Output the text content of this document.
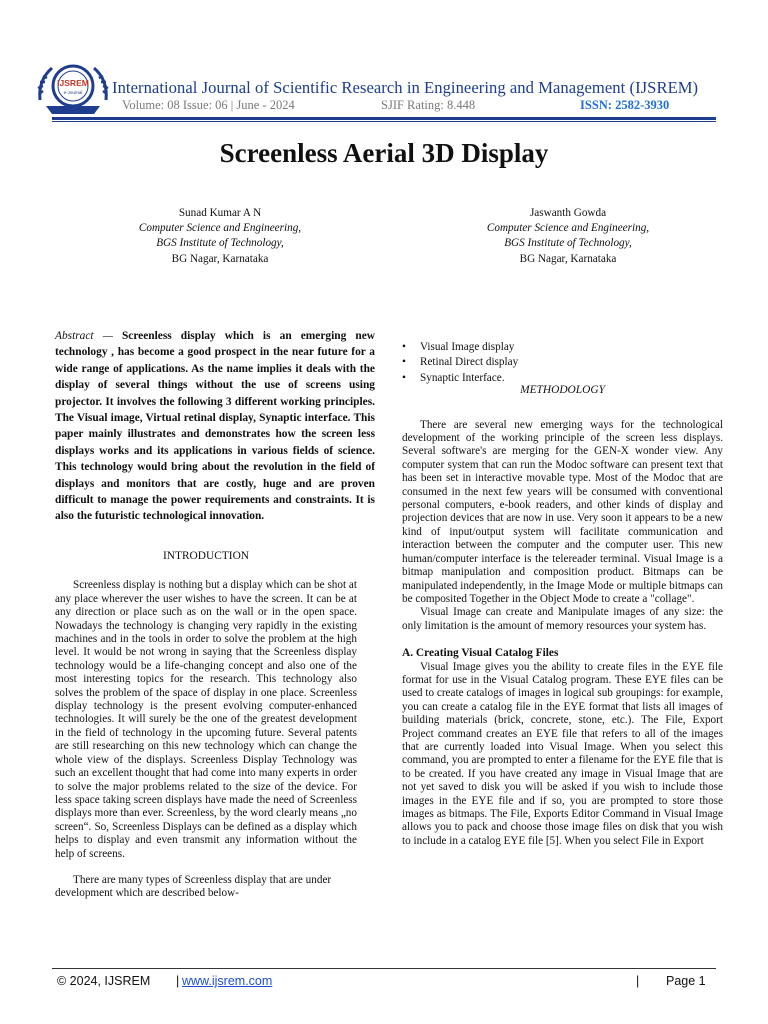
IJSREM
e-Journal International Journal of Scientific Research in Engineering and Management (IJSREM)
Volume: 08 Issue: 06 | June - 2024	SJIF Rating: 8.448	ISSN: 2582-3930
Screenless Aerial 3D Display
Sunad Kumar A N
Computer Science and Engineering,
BGS Institute of Technology,
BG Nagar, Karnataka
Jaswanth Gowda
Computer Science and Engineering,
BGS Institute of Technology,
BG Nagar, Karnataka
Abstract — Screenless display which is an emerging new technology , has become a good prospect in the near future for a wide range of applications. As the name implies it deals with the display of several things without the use of screens using projector. It involves the following 3 different working principles. The Visual image, Virtual retinal display, Synaptic interface. This paper mainly illustrates and demonstrates how the screen less displays works and its applications in various fields of science. This technology would bring about the revolution in the field of displays and monitors that are costly, huge and are proven difficult to manage the power requirements and constraints. It is also the futuristic technological innovation.
INTRODUCTION

Screenless display is nothing but a display which can be shot at any place wherever the user wishes to have the screen. It can be at any direction or place such as on the wall or in the open space. Nowadays the technology is changing very rapidly in the existing machines and in the tools in order to solve the problem at the high level. It would be not wrong in saying that the Screenless display technology would be a life-changing concept and also one of the most interesting topics for the research. This technology also solves the problem of the space of display in one place. Screenless display technology is the present evolving computer-enhanced technologies. It will surely be the one of the greatest development in the field of technology in the upcoming future. Several patents are still researching on this new technology which can change the whole view of the displays. Screenless Display Technology was such an excellent thought that had come into many experts in order to solve the major problems related to the size of the device. For less space taking screen displays have made the need of Screenless displays more than ever. Screenless, by the word clearly means „no screen“. So, Screenless Displays can be defined as a display which helps to display and even transmit any information without the help of screens.

There are many types of Screenless display that are under development which are described below-

• Visual Image display
• Retinal Direct display
• Synaptic Interface.
METHODOLOGY

There are several new emerging ways for the technological development of the working principle of the screen less displays. Several software's are merging for the GEN-X wonder view. Any computer system that can run the Modoc software can present text that has been set in interactive movable type. Most of the Modoc that are consumed in the next few years will be consumed with conventional personal computers, e-book readers, and other kinds of display and projection devices that are now in use. Very soon it appears to be a new kind of input/output system will facilitate communication and interaction between the computer and the computer user. This new human/computer interface is the telereader terminal. Visual Image is a bitmap manipulation and composition product. Bitmaps can be manipulated independently, in the Image Mode or multiple bitmaps can be composited Together in the Object Mode to create a "collage".

Visual Image can create and Manipulate images of any size: the only limitation is the amount of memory resources your system has.

A. Creating Visual Catalog Files

Visual Image gives you the ability to create files in the EYE file format for use in the Visual Catalog program. These EYE files can be used to create catalogs of images in logical sub groupings: for example, you can create a catalog file in the EYE format that lists all images of building materials (brick, concrete, stone, etc.). The File, Export Project command creates an EYE file that refers to all of the images that are currently loaded into Visual Image. When you select this command, you are prompted to enter a filename for the EYE file that is to be created. If you have created any image in Visual Image that are not yet saved to disk you will be asked if you wish to include those images in the EYE file and if so, you are prompted to store those images as bitmaps. The File, Exports Editor Command in Visual Image allows you to pack and choose those image files on disk that you wish to include in a catalog EYE file [5]. When you select File in Export

© 2024, IJSREM | www.ijsrem.com	| Page 1
